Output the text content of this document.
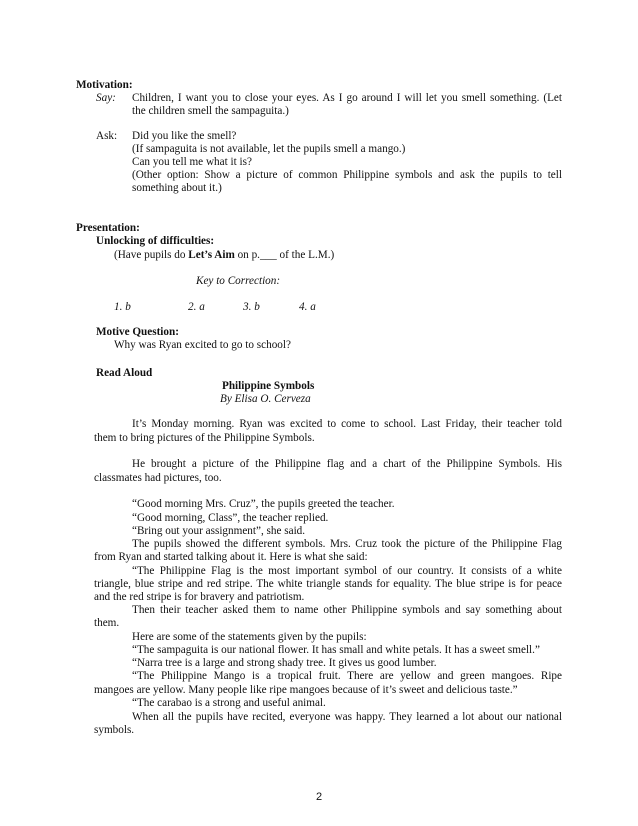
Motivation:
Say: Children, I want you to close your eyes. As I go around I will let you smell something. (Let
the children smell the sampaguita.)
Ask: Did you like the smell?
(If sampaguita is not available, let the pupils smell a mango.)
Can you tell me what it is?
(Other option: Show a picture of common Philippine symbols and ask the pupils to tell
something about it.)
Presentation:
Unlocking of difficulties:
(Have pupils do Let’s Aim on p.___ of the L.M.)
Key to Correction:
1. b	2. a	3. b	4. a
Motive Question:
Why was Ryan excited to go to school?
Read Aloud
Philippine Symbols
By Elisa O. Cerveza
It’s Monday morning. Ryan was excited to come to school. Last Friday, their teacher told
them to bring pictures of the Philippine Symbols.
He brought a picture of the Philippine flag and a chart of the Philippine Symbols. His
classmates had pictures, too.
“Good morning Mrs. Cruz”, the pupils greeted the teacher.
“Good morning, Class”, the teacher replied.
“Bring out your assignment”, she said.
The pupils showed the different symbols. Mrs. Cruz took the picture of the Philippine Flag
from Ryan and started talking about it. Here is what she said:
“The Philippine Flag is the most important symbol of our country. It consists of a white
triangle, blue stripe and red stripe. The white triangle stands for equality. The blue stripe is for peace
and the red stripe is for bravery and patriotism.
Then their teacher asked them to name other Philippine symbols and say something about
them.
Here are some of the statements given by the pupils:
“The sampaguita is our national flower. It has small and white petals. It has a sweet smell.”
“Narra tree is a large and strong shady tree. It gives us good lumber.
“The Philippine Mango is a tropical fruit. There are yellow and green mangoes. Ripe
mangoes are yellow. Many people like ripe mangoes because of it’s sweet and delicious taste.”
“The carabao is a strong and useful animal.
When all the pupils have recited, everyone was happy. They learned a lot about our national
symbols.
2
